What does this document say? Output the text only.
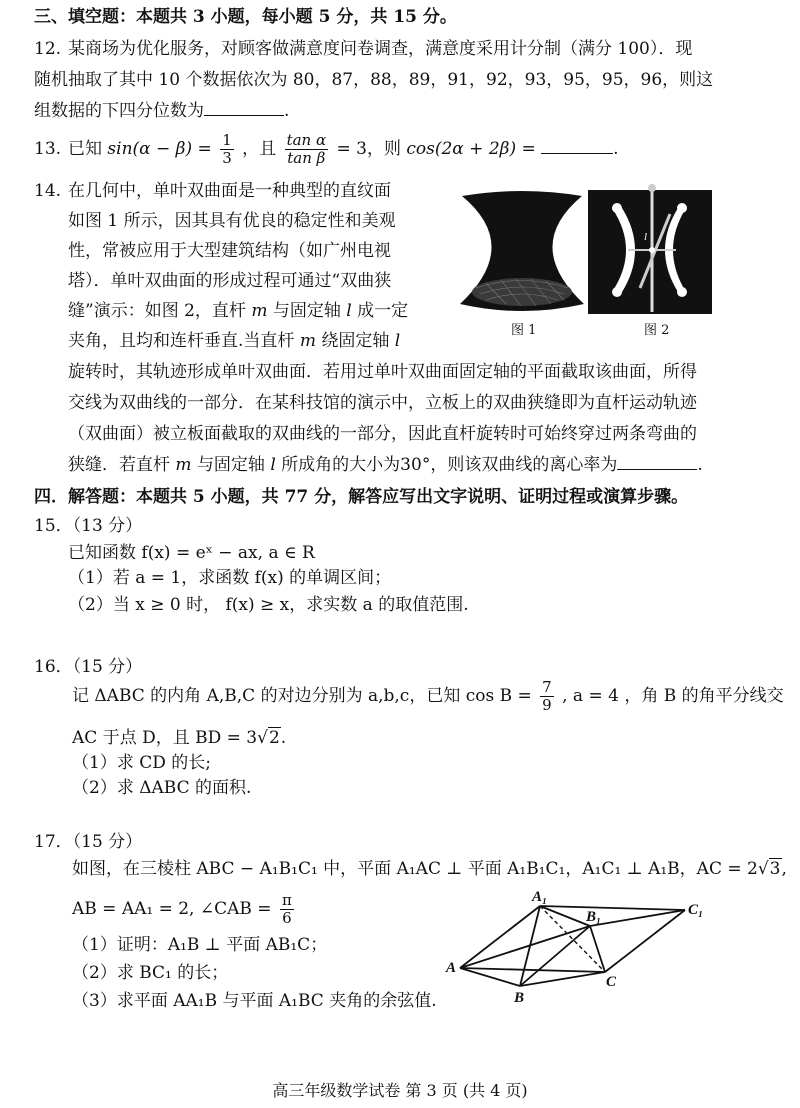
三、填空题：本题共 3 小题，每小题 5 分，共 15 分。
12. 某商场为优化服务，对顾客做满意度问卷调查，满意度采用计分制（满分 100）．现
随机抽取了其中 10 个数据依次为 80，87，88，89，91，92，93，95，95，96，则这
组数据的下四分位数为	.
13. 已知 $\sin(\alpha - \beta) = \frac{1}{3}$ ，且 $\frac{\text{tan α}}{\text{tan β}} = 3$，则 cos(2α + 2β) =	.
14. 在几何中，单叶双曲面是一种典型的直纹面
如图 1 所示，因其具有优良的稳定性和美观
性，常被应用于大型建筑结构（如广州电视
塔）．单叶双曲面的形成过程可通过“双曲狭
缝”演示：如图 2，直杆 m 与固定轴 l 成一定
夹角，且均和连杆垂直.当直杆 m 绕固定轴 l
旋转时，其轨迹形成单叶双曲面．若用过单叶双曲面固定轴的平面截取该曲面，所得
交线为双曲线的一部分．在某科技馆的演示中，立板上的双曲狭缝即为直杆运动轨迹
（双曲面）被立板面截取的双曲线的一部分，因此直杆旋转时可始终穿过两条弯曲的
狭缝．若直杆 m 与固定轴 l 所成角的大小为30°，则该双曲线的离心率为	.
图 1
l
图 2
四．解答题：本题共 5 小题，共 77 分，解答应写出文字说明、证明过程或演算步骤。
15．（13 分）
已知函数 f(x) = eˣ − ax, a ∈ R
（1）若 a = 1，求函数 f(x) 的单调区间；
（2）当 x ≥ 0 时， f(x) ≥ x，求实数 a 的取值范围.
16．（15 分）
记 ΔABC 的内角 A,B,C 的对边分别为 a,b,c，已知 $\cos B = \frac{7}{9}$ , a = 4 ，角 B 的角平分线交
AC 于点 D，且 BD = 3√2.
（1）求 CD 的长;
（2）求 ΔABC 的面积.
17．（15 分）
如图，在三棱柱 ABC − A₁B₁C₁ 中，平面 A₁AC ⊥ 平面 A₁B₁C₁，A₁C₁ ⊥ A₁B，AC = 2√3,
AB = AA₁ = 2, ∠CAB = $\frac{\pi}{6}$
（1）证明：A₁B ⊥ 平面 AB₁C；
（2）求 BC₁ 的长；
（3）求平面 AA₁B 与平面 A₁BC 夹角的余弦值.
A₁
B₁	C₁
A
B
C
高三年级数学试卷 第 3 页 (共 4 页)
